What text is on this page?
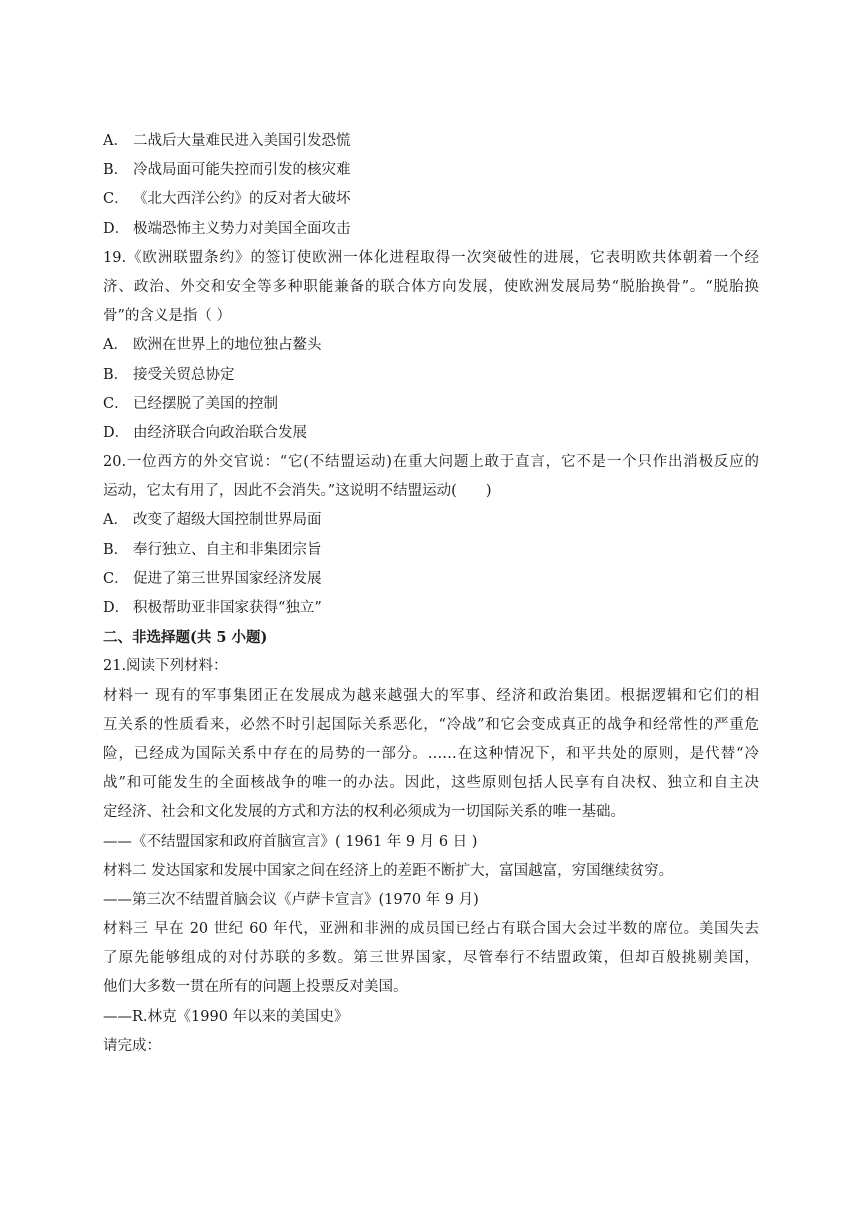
A． 二战后大量难民进入美国引发恐慌
B． 冷战局面可能失控而引发的核灾难
C． 《北大西洋公约》的反对者大破坏
D． 极端恐怖主义势力对美国全面攻击
19.《欧洲联盟条约》的签订使欧洲一体化进程取得一次突破性的进展，它表明欧共体朝着一个经
济、政治、外交和安全等多种职能兼备的联合体方向发展，使欧洲发展局势“脱胎换骨”。“脱胎换
骨”的含义是指（ ）
A． 欧洲在世界上的地位独占鳌头
B． 接受关贸总协定
C． 已经摆脱了美国的控制
D． 由经济联合向政治联合发展
20.一位西方的外交官说：“它(不结盟运动)在重大问题上敢于直言，它不是一个只作出消极反应的
运动，它太有用了，因此不会消失。”这说明不结盟运动(　　)
A． 改变了超级大国控制世界局面
B． 奉行独立、自主和非集团宗旨
C． 促进了第三世界国家经济发展
D． 积极帮助亚非国家获得“独立”
二、非选择题(共 5 小题)
21.阅读下列材料：
材料一 现有的军事集团正在发展成为越来越强大的军事、经济和政治集团。根据逻辑和它们的相
互关系的性质看来，必然不时引起国际关系恶化，“冷战”和它会变成真正的战争和经常性的严重危
险，已经成为国际关系中存在的局势的一部分。……在这种情况下，和平共处的原则，是代替“冷
战”和可能发生的全面核战争的唯一的办法。因此，这些原则包括人民享有自决权、独立和自主决
定经济、社会和文化发展的方式和方法的权利必须成为一切国际关系的唯一基础。
——《不结盟国家和政府首脑宣言》( 1961 年 9 月 6 日 )
材料二 发达国家和发展中国家之间在经济上的差距不断扩大，富国越富，穷国继续贫穷。
——第三次不结盟首脑会议《卢萨卡宣言》(1970 年 9 月)
材料三 早在 20 世纪 60 年代，亚洲和非洲的成员国已经占有联合国大会过半数的席位。美国失去
了原先能够组成的对付苏联的多数。第三世界国家，尽管奉行不结盟政策，但却百般挑剔美国，
他们大多数一贯在所有的问题上投票反对美国。
——R.林克《1990 年以来的美国史》
请完成：
